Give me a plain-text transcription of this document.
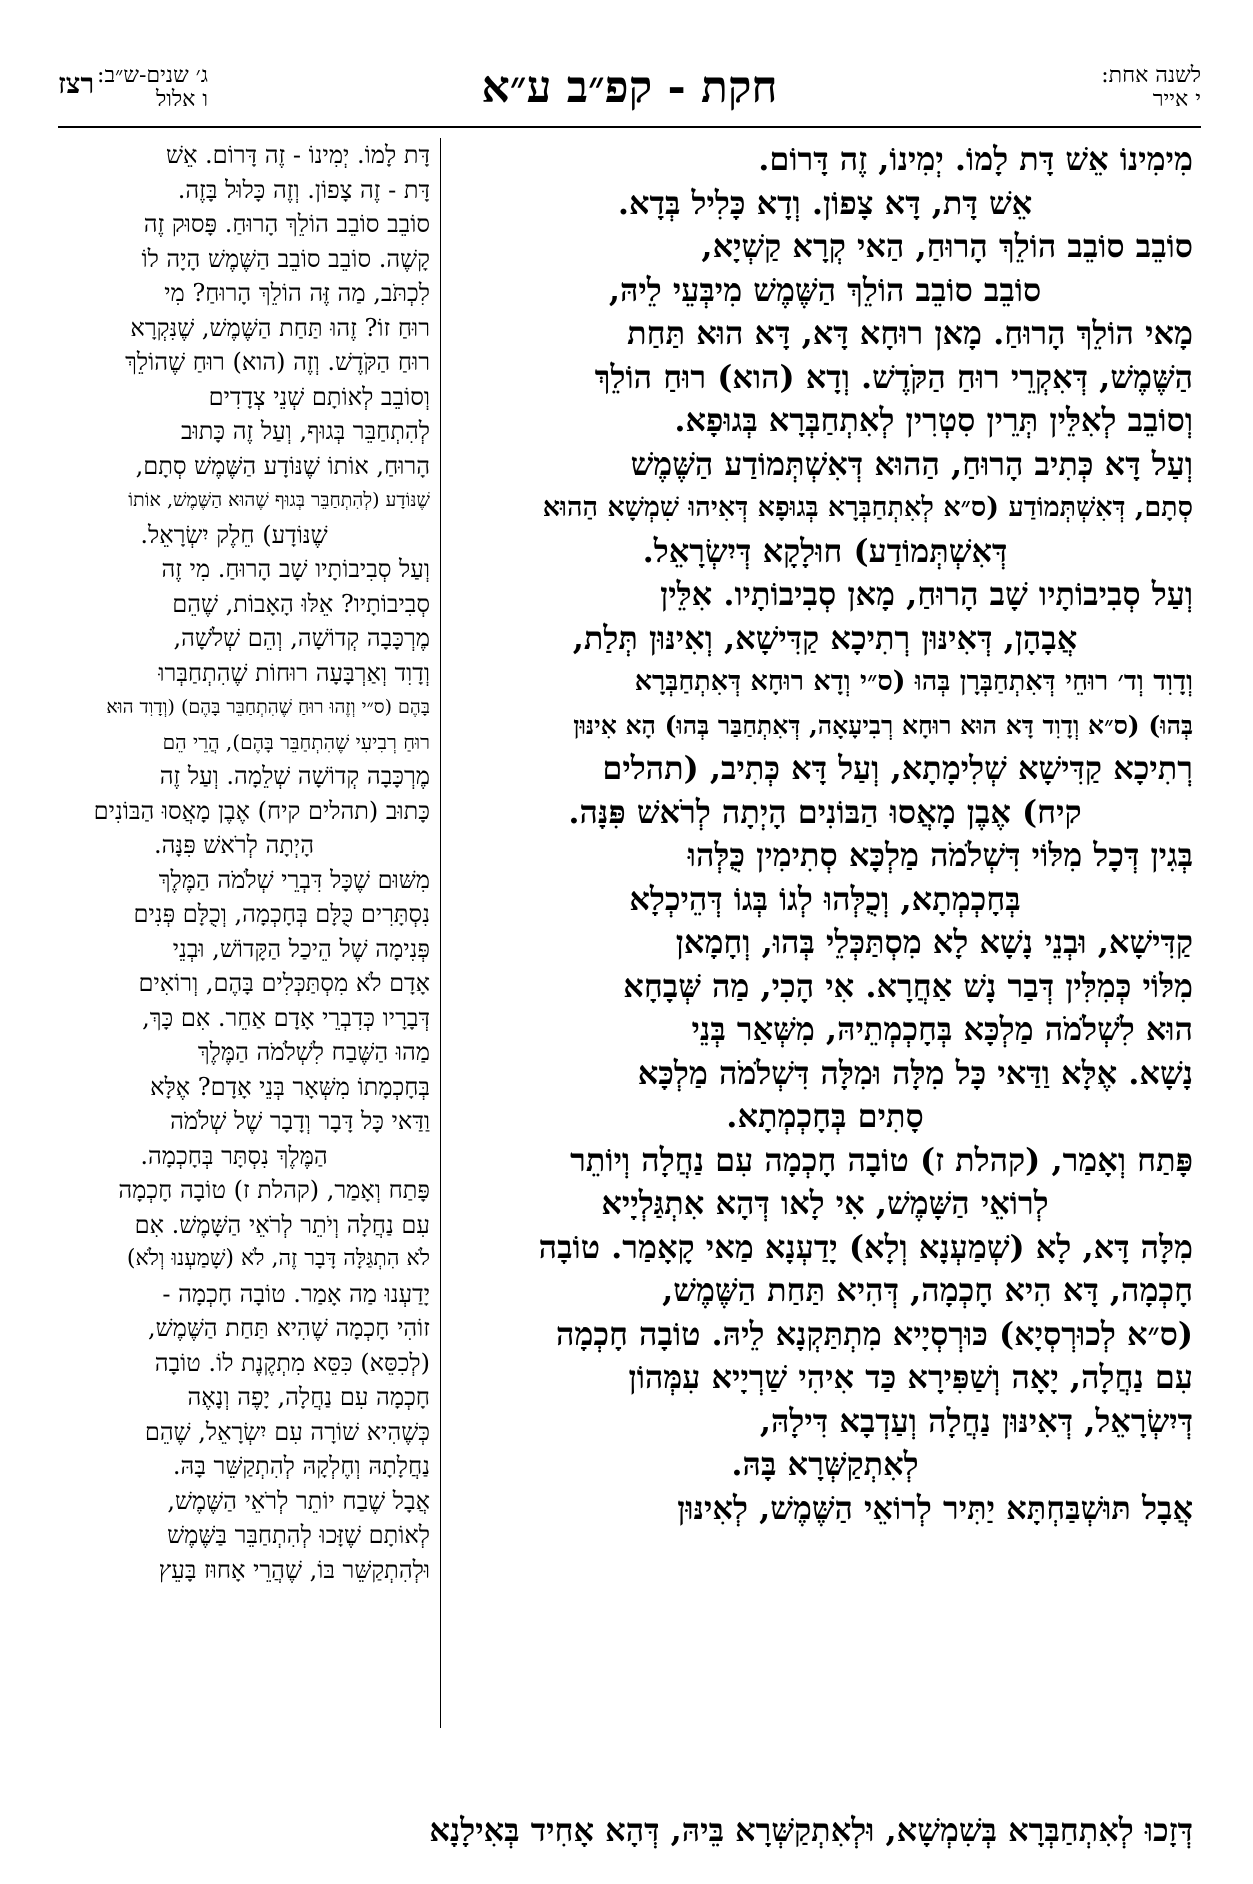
לשנה אחת:
י אייר
חקת - קפ״ב ע״א
ג׳ שנים-ש״ב:
ו אלול
רצז
מִימִינוֹ אֵשׁ דָּת לָמוֹ. יְמִינוֹ, זֶה דָּרוֹם.
אֵשׁ דָּת, דָּא צָפוֹן. וְדָא כָּלִיל בְּדָא.
סוֹבֵב סוֹבֵב הוֹלֵךְ הָרוּחַ, הַאי קְרָא קַשְׁיָא,
סוֹבֵב סוֹבֵב הוֹלֵךְ הַשֶּׁמֶשׁ מִיבְּעֵי לֵיהּ,
מָאי הוֹלֵךְ הָרוּחַ. מָאן רוּחָא דָּא, דָּא הוּא תַּחַת
הַשֶּׁמֶשׁ, דְּאִקְרֵי רוּחַ הַקֹּדֶשׁ. וְדָא (הוא) רוּחַ הוֹלֵךְ
וְסוֹבֵב לְאִלֵּין תְּרֵין סִטְרִין לְאִתְחַבְּרָא בְּגוּפָא.
וְעַל דָּא כְּתִיב הָרוּחַ, הַהוּא דְּאִשְׁתְּמוֹדַע הַשֶּׁמֶשׁ
סְתָם, דְּאִשְׁתְּמוֹדַע (ס״א לְאִתְחַבְּרָא בְּגוּפָא דְּאִיהוּ שִׁמְשָׁא הַהוּא
דְּאִשְׁתְּמוֹדַע) חוּלָקָא דְּיִשְׂרָאֵל.
וְעַל סְבִיבוֹתָיו שָׁב הָרוּחַ, מָאן סְבִיבוֹתָיו. אִלֵּין
אֲבָהָן, דְּאִינּוּן רְתִיכָא קַדִּישָׁא, וְאִינּוּן תְּלַת,
וְדָוִד וְד׳ רוּחֵי דְּאִתְחַבְּרָן בְּהוּ (ס״י וְדָא רוּחָא דְּאִתְחַבְּרָא
בְּהוּ) (ס״א וְדָוִד דָּא הוּא רוּחָא רְבִיעָאָה, דְּאִתְחַבַּר בְּהוּ) הָא אִינּוּן
רְתִיכָא קַדִּישָׁא שְׁלִימָתָא, וְעַל דָּא כְּתִיב, (תהלים
קיח) אֶבֶן מָאֲסוּ הַבּוֹנִים הָיְתָה לְרֹאשׁ פִּנָּה.
בְּגִין דְּכָל מִלּוֹי דִּשְׁלֹמֹה מַלְכָּא סְתִימִין כֻּלְּהוּ
בְּחָכְמְתָא, וְכֻלְּהוּ לְגוֹ בְּגוֹ דְּהֵיכְלָא
קַדִּישָׁא, וּבְנֵי נָשָׁא לָא מִסְתַּכְּלֵי בְּהוּ, וְחָמָאן
מִלּוֹי כְּמִלִּין דְּבַר נָשׁ אַחֲרָא. אִי הָכִי, מַה שְּׁבָחָא
הוּא לִשְׁלֹמֹה מַלְכָּא בְּחָכְמְתֵיהּ, מִשְּׁאַר בְּנֵי
נָשָׁא. אֶלָּא וַדַּאי כָּל מִלָּה וּמִלָּה דִּשְׁלֹמֹה מַלְכָּא
סָתִים בְּחָכְמְתָא.
פָּתַח וְאָמַר, (קהלת ז) טוֹבָה חָכְמָה עִם נַחֲלָה וְיוֹתֵר
לְרוֹאֵי הַשָּׁמֶשׁ, אִי לָאו דְּהָא אִתְגַּלְיָיא
מִלָּה דָּא, לָא (שְׁמַעְנָא וְלָא) יָדַעְנָא מַאי קָאָמַר. טוֹבָה
חָכְמָה, דָּא הִיא חָכְמָה, דְּהִיא תַּחַת הַשֶּׁמֶשׁ,
(ס״א לְכוּרְסְיָא) כּוּרְסְיָיא מִתְתַּקְנָא לֵיהּ. טוֹבָה חָכְמָה
עִם נַחֲלָה, יָאָה וְשַׁפִּירָא כַּד אִיהִי שַׁרְיָיא עִמְּהוֹן
דְּיִשְׂרָאֵל, דְּאִינּוּן נַחֲלָה וְעַדְבָא דִּילָהּ,
לְאִתְקַשְּׁרָא בָּהּ.
אֲבָל תּוּשְׁבַּחְתָּא יַתִּיר לְרוֹאֵי הַשֶּׁמֶשׁ, לְאִינּוּן
דָּת לָמוֹ. יְמִינוֹ - זֶה דָּרוֹם. אֵשׁ
דָּת - זֶה צָפוֹן. וְזֶה כָּלוּל בָּזֶה.
סוֹבֵב סוֹבֵב הוֹלֵךְ הָרוּחַ. פָּסוּק זֶה
קָשֶׁה. סוֹבֵב סוֹבֵב הַשֶּׁמֶשׁ הָיָה לוֹ
לִכְתֹּב, מַה זֶּה הוֹלֵךְ הָרוּחַ? מִי
רוּחַ זוֹ? זֶהוּ תַּחַת הַשֶּׁמֶשׁ, שֶׁנִּקְרָא
רוּחַ הַקֹּדֶשׁ. וְזֶה (הוא) רוּחַ שֶׁהוֹלֵךְ
וְסוֹבֵב לְאוֹתָם שְׁנֵי צְדָדִים
לְהִתְחַבֵּר בְּגוּף, וְעַל זֶה כָּתוּב
הָרוּחַ, אוֹתוֹ שֶׁנּוֹדָע הַשֶּׁמֶשׁ סְתָם,
שֶׁנּוֹדָע (לְהִתְחַבֵּר בְּגוּף שֶׁהוּא הַשֶּׁמֶשׁ, אוֹתוֹ
שֶׁנּוֹדָע) חֵלֶק יִשְׂרָאֵל.
וְעַל סְבִיבוֹתָיו שָׁב הָרוּחַ. מִי זֶה
סְבִיבוֹתָיו? אֵלּוּ הָאָבוֹת, שֶׁהֵם
מֶרְכָּבָה קְדוֹשָׁה, וְהֵם שְׁלֹשָׁה,
וְדָוִד וְאַרְבָּעָה רוּחוֹת שֶׁהִתְחַבְּרוּ
בָּהֶם (ס״י וְזֶהוּ רוּחַ שֶׁהִתְחַבֵּר בָּהֶם) (וְדָוִד הוּא
רוּחַ רְבִיעִי שֶׁהִתְחַבֵּר בָּהֶם), הֲרֵי הֵם
מֶרְכָּבָה קְדוֹשָׁה שְׁלֵמָה. וְעַל זֶה
כָּתוּב (תהלים קיח) אֶבֶן מָאֲסוּ הַבּוֹנִים
הָיְתָה לְרֹאשׁ פִּנָּה.
מִשּׁוּם שֶׁכָּל דִּבְרֵי שְׁלֹמֹה הַמֶּלֶךְ
נִסְתָּרִים כֻּלָּם בְּחָכְמָה, וְכֻלָּם פְּנִים
פְּנִימָה שֶׁל הֵיכַל הַקָּדוֹשׁ, וּבְנֵי
אָדָם לֹא מִסְתַּכְּלִים בָּהֶם, וְרוֹאִים
דְּבָרָיו כְּדִבְרֵי אָדָם אַחֵר. אִם כָּךְ,
מַהוּ הַשֶּׁבַח לִשְׁלֹמֹה הַמֶּלֶךְ
בְּחָכְמָתוֹ מִשְּׁאָר בְּנֵי אָדָם? אֶלָּא
וַדַּאי כָּל דָּבָר וְדָבָר שֶׁל שְׁלֹמֹה
הַמֶּלֶךְ נִסְתָּר בְּחָכְמָה.
פָּתַח וְאָמַר, (קהלת ז) טוֹבָה חָכְמָה
עִם נַחֲלָה וְיֹתֵר לְרֹאֵי הַשָּׁמֶשׁ. אִם
לֹא הִתְגַּלָּה דָּבָר זֶה, לֹא (שָׁמַעְנוּ וְלֹא)
יָדַעְנוּ מַה אָמַר. טוֹבָה חָכְמָה -
זוֹהִי חָכְמָה שֶׁהִיא תַּחַת הַשֶּׁמֶשׁ,
(לְכִסֵּא) כִּסֵּא מִתְקֶנֶת לוֹ. טוֹבָה
חָכְמָה עִם נַחֲלָה, יָפֶה וְנָאֶה
כְּשֶׁהִיא שׁוֹרָה עִם יִשְׂרָאֵל, שֶׁהֵם
נַחֲלָתָהּ וְחֶלְקָהּ לְהִתְקַשֵּׁר בָּהּ.
אֲבָל שֶׁבַח יוֹתֵר לְרֹאֵי הַשֶּׁמֶשׁ,
לְאוֹתָם שֶׁזָּכוּ לְהִתְחַבֵּר בַּשֶּׁמֶשׁ
וּלְהִתְקַשֵּׁר בּוֹ, שֶׁהֲרֵי אָחוּז בָּעֵץ
דְּזָכוּ לְאִתְחַבְּרָא בְּשִׁמְשָׁא, וּלְאִתְקַשְּׁרָא בֵּיהּ, דְּהָא אָחִיד בְּאִילָנָא
